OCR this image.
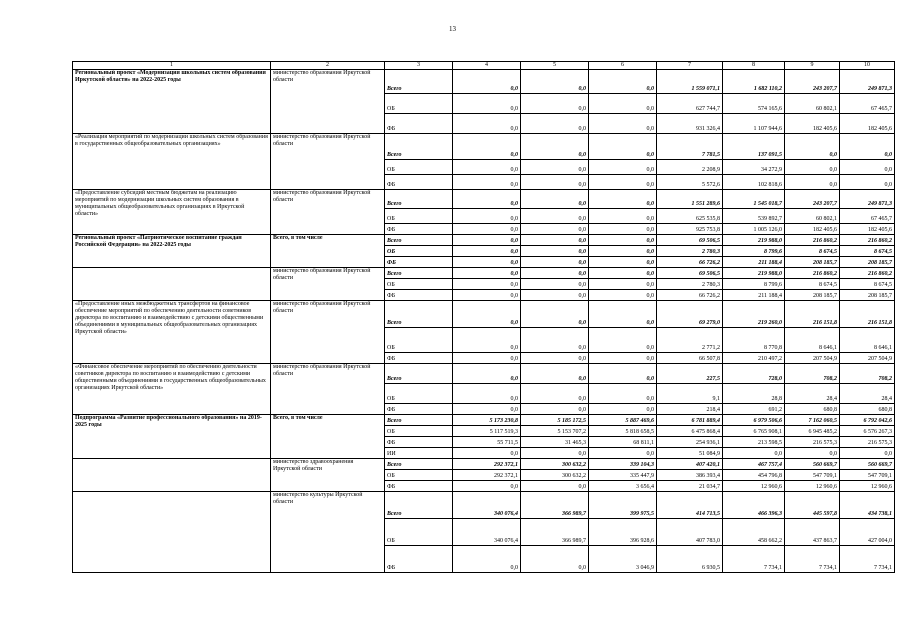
13
1	2	3	4	5	6	7	8	9	10
Региональный проект «Модернизация школьных систем образования Иркутской области» на 2022-2025 годы	министерство образования Иркутской области	Всего	0,0	0,0	0,0	1 559 071,1	1 682 110,2	243 207,7	249 871,3
		ОБ	0,0	0,0	0,0	627 744,7	574 165,6	60 802,1	67 465,7
		ФБ	0,0	0,0	0,0	931 326,4	1 107 944,6	182 405,6	182 405,6
«Реализация мероприятий по модернизации школьных систем образования в государственных общеобразовательных организациях»	министерство образования Иркутской области	Всего	0,0	0,0	0,0	7 781,5	137 091,5	0,0	0,0
		ОБ	0,0	0,0	0,0	2 208,9	34 272,9	0,0	0,0
		ФБ	0,0	0,0	0,0	5 572,6	102 818,6	0,0	0,0
«Предоставление субсидий местным бюджетам на реализацию мероприятий по модернизации школьных систем образования в муниципальных общеобразовательных организациях в Иркутской области»	министерство образования Иркутской области	Всего	0,0	0,0	0,0	1 551 289,6	1 545 018,7	243 207,7	249 871,3
		ОБ	0,0	0,0	0,0	625 535,8	539 892,7	60 802,1	67 465,7
		ФБ	0,0	0,0	0,0	925 753,8	1 005 126,0	182 405,6	182 405,6
Региональный проект «Патриотическое воспитание граждан Российской Федерации» на 2022-2025 годы	Всего, в том числе	Всего	0,0	0,0	0,0	69 506,5	219 988,0	216 860,2	216 860,2
		ОБ	0,0	0,0	0,0	2 780,3	8 799,6	8 674,5	8 674,5
		ФБ	0,0	0,0	0,0	66 726,2	211 188,4	208 185,7	208 185,7
	министерство образования Иркутской области	Всего	0,0	0,0	0,0	69 506,5	219 988,0	216 860,2	216 860,2
		ОБ	0,0	0,0	0,0	2 780,3	8 799,6	8 674,5	8 674,5
		ФБ	0,0	0,0	0,0	66 726,2	211 188,4	208 185,7	208 185,7
«Предоставление иных межбюджетных трансфертов на финансовое обеспечение мероприятий по обеспечению деятельности советников директора по воспитанию и взаимодействию с детскими общественными объединениями в муниципальных общеобразовательных организациях Иркутской области»	министерство образования Иркутской области	Всего	0,0	0,0	0,0	69 279,0	219 260,0	216 151,8	216 151,8
		ОБ	0,0	0,0	0,0	2 771,2	8 770,8	8 646,1	8 646,1
		ФБ	0,0	0,0	0,0	66 507,8	210 497,2	207 504,9	207 504,9
«Финансовое обеспечение мероприятий по обеспечению деятельности советников директора по воспитанию и взаимодействию с детскими общественными объединениями в государственных общеобразовательных организациях Иркутской области»	министерство образования Иркутской области	Всего	0,0	0,0	0,0	227,5	728,0	708,2	708,2
		ОБ	0,0	0,0	0,0	9,1	28,8	28,4	28,4
		ФБ	0,0	0,0	0,0	218,4	691,2	680,8	680,8
Подпрограмма «Развитие профессионального образования» на 2019-2025 годы	Всего, в том числе	Всего	5 173 230,8	5 185 172,5	5 887 469,6	6 781 889,4	6 979 506,6	7 162 060,5	6 792 042,6
		ОБ	5 117 519,3	5 153 707,2	5 818 658,5	6 475 868,4	6 765 908,1	6 945 485,2	6 576 267,3
		ФБ	55 711,5	31 465,3	68 811,1	254 936,1	213 598,5	216 575,3	216 575,3
		ИИ	0,0	0,0	0,0	51 084,9	0,0	0,0	0,0
	министерство здравоохранения Иркутской области	Всего	292 372,1	300 632,2	339 104,3	407 420,1	467 757,4	560 669,7	560 669,7
		ОБ	292 372,1	300 632,2	335 447,9	386 393,4	454 796,8	547 709,1	547 709,1
		ФБ	0,0	0,0	3 656,4	21 034,7	12 960,6	12 960,6	12 960,6
	министерство культуры Иркутской области	Всего	340 076,4	366 989,7	399 975,5	414 713,5	466 396,3	445 597,8	434 738,1
		ОБ	340 076,4	366 989,7	396 928,6	407 783,0	458 662,2	437 863,7	427 004,0
		ФБ	0,0	0,0	3 046,9	6 930,5	7 734,1	7 734,1	7 734,1
